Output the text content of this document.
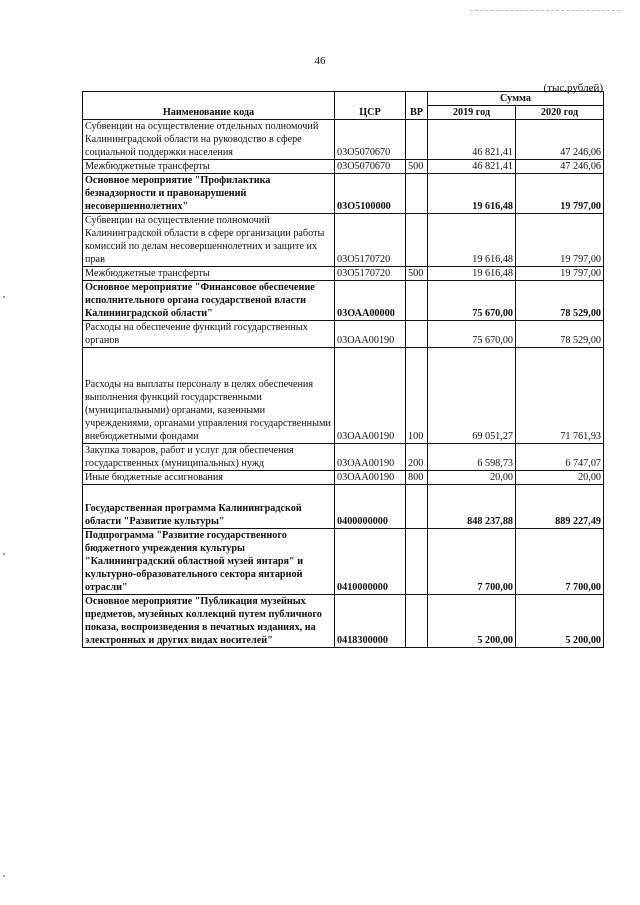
46
(тыс.рублей)
Наименование кода	ЦСР	ВР	Сумма	
			2019 год	2020 год
Субвенции на осуществление отдельных полномочий Калининградской области на руководство в сфере социальной поддержки населения	03О5070670		46 821,41	47 246,06
Межбюджетные трансферты	03О5070670	500	46 821,41	47 246,06
Основное мероприятие "Профилактика безнадзорности и правонарушений несовершеннолетних"	03О5100000		19 616,48	19 797,00
Субвенции на осуществление полномочий Калининградской области в сфере организации работы комиссий по делам несовершеннолетних и защите их прав	03О5170720		19 616,48	19 797,00
Межбюджетные трансферты	03О5170720	500	19 616,48	19 797,00
Основное мероприятие "Финансовое обеспечение исполнительного органа государственой власти Калининградской области"	03ОАА00000		75 670,00	78 529,00
Расходы на обеспечение функций государственных органов	03ОАА00190		75 670,00	78 529,00
Расходы на выплаты персоналу в целях обеспечения выполнения функций государственными (муниципальными) органами, казенными учреждениями, органами управления государственными внебюджетными фондами	03ОАА00190	100	69 051,27	71 761,93
Закупка товаров, работ и услуг для обеспечения государственных (муниципальных) нужд	03ОАА00190	200	6 598,73	6 747,07
Иные бюджетные ассигнования	03ОАА00190	800	20,00	20,00
Государственная программа Калининградской области "Развитие культуры"	0400000000		848 237,88	889 227,49
Подпрограмма "Развитие государственного бюджетного учреждения культуры "Калининградский областной музей янтаря" и культурно-образовательного сектора янтарной отрасли"	0410000000		7 700,00	7 700,00
Основное мероприятие "Публикация музейных предметов, музейных коллекций путем публичного показа, воспроизведения в печатных изданиях, на электронных и других видах носителей"	0418300000		5 200,00	5 200,00
